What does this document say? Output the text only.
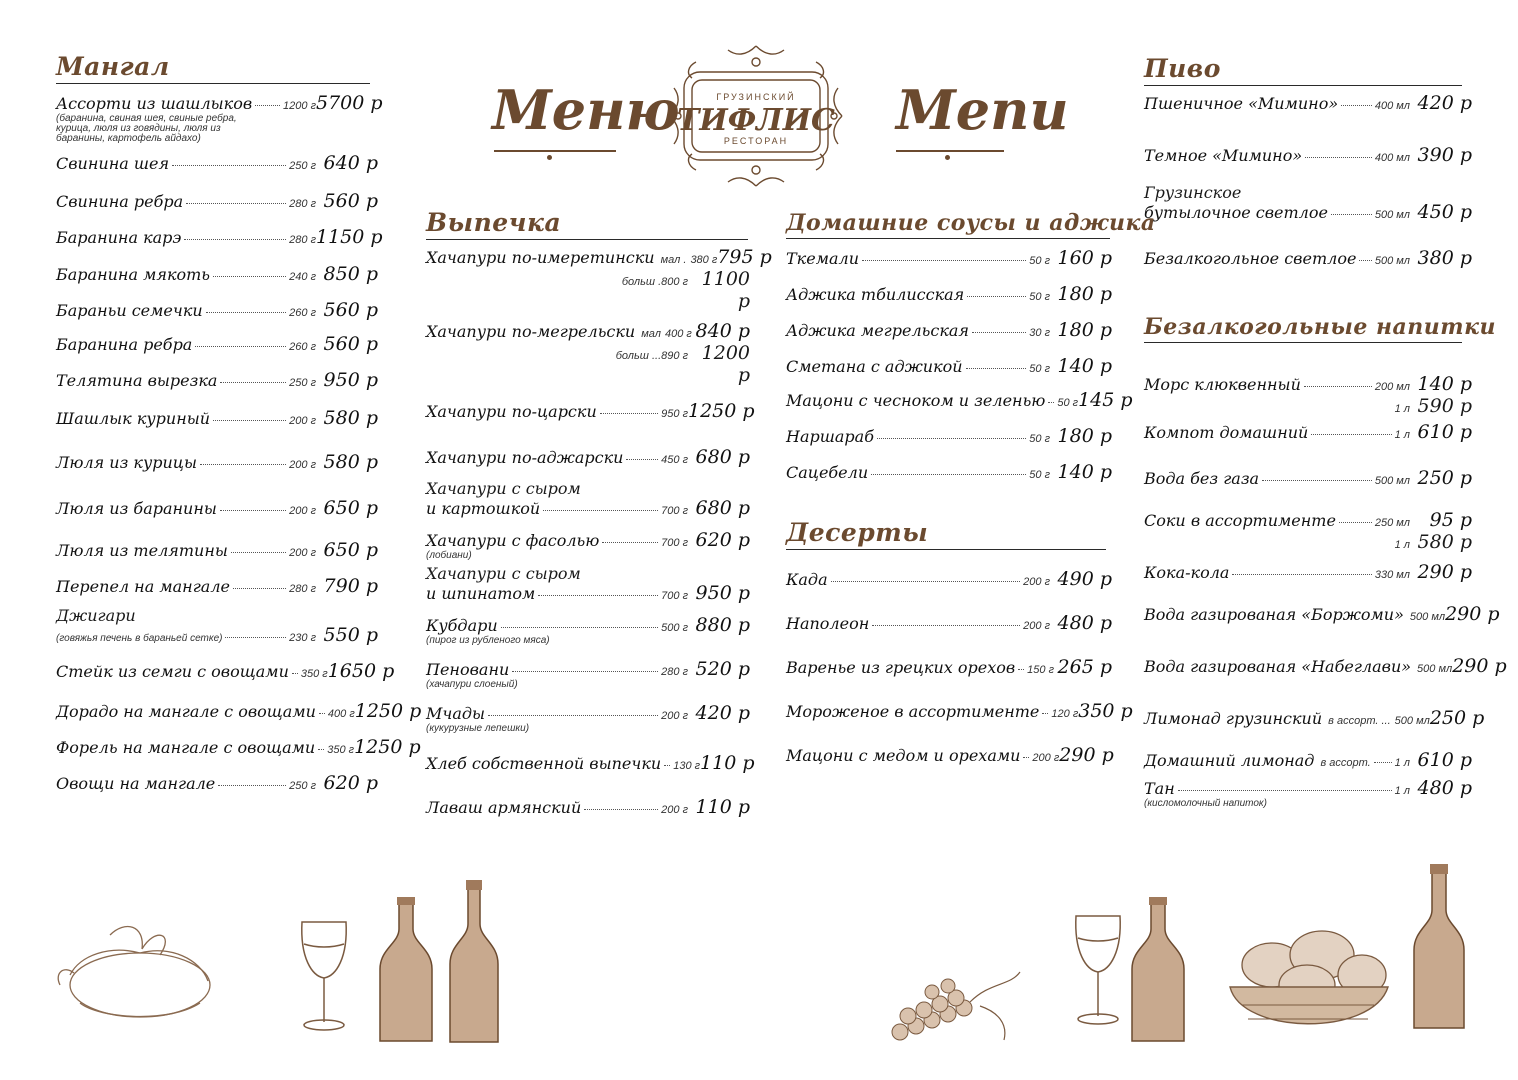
Меню	Menu
ГРУЗИНСКИЙ
ТИФЛИС
РЕСТОРАН
Мангал
Ассорти из шашлыков	1200 г 5700 р
(баранина, свиная шея, свиные ребра, курица, люля из говядины, люля из баранины, картофель айдахо)
Свинина шея	250 г 640 р
Свинина ребра	280 г 560 р
Баранина карэ	280 г 1150 р
Баранина мякоть	240 г 850 р
Бараньи семечки	260 г 560 р
Баранина ребра	260 г 560 р
Телятина вырезка	250 г 950 р
Шашлык куриный	200 г 580 р
Люля из курицы	200 г 580 р
Люля из баранины	200 г 650 р
Люля из телятины	200 г 650 р
Перепел на мангале	280 г 790 р
Джигари
(говяжья печень в бараньей сетке)	230 г 550 р
Стейк из семги с овощами 350 г 1650 р
Дорадо на мангале с овощами 400 г 1250 р
Форель на мангале с овощами 350 г 1250 р
Овощи на мангале	250 г 620 р
Выпечка
Хачапури по-имеретински мал . 380 г 795 р
больш .800 г 1100 р
Хачапури по-мегрельски мал 400 г 840 р
больш ...890 г 1200 р
Хачапури по-царски	950 г 1250 р
Хачапури по-аджарски	450 г 680 р
Хачапури с сыром
и картошкой	700 г 680 р
Хачапури с фасолью	700 г 620 р
(лобиани)
Хачапури с сыром
и шпинатом	700 г 950 р
Кубдари	500 г 880 р
(пирог из рубленого мяса)
Пеновани	280 г 520 р
(хачапури слоеный)
Мчады	200 г 420 р
(кукурузные лепешки)
Хлеб собственной выпечки 130 г 110 р
Лаваш армянский	200 г 110 р
Домашние соусы и аджика
Ткемали	50 г 160 р
Аджика тбилисская	50 г 180 р
Аджика мегрельская	30 г 180 р
Сметана с аджикой	50 г 140 р
Мацони с чесноком и зеленью 50 г 145 р
Наршараб	50 г 180 р
Сацебели	50 г 140 р
Десерты
Када	200 г 490 р
Наполеон	200 г 480 р
Варенье из грецких орехов 150 г 265 р
Мороженое в ассортименте 120 г 350 р
Мацони с медом и орехами 200 г 290 р
Пиво
Пшеничное «Мимино»	400 мл 420 р
Темное «Мимино»	400 мл 390 р
Грузинское
бутылочное светлое	500 мл 450 р
Безалкогольное светлое 500 мл 380 р
Безалкогольные напитки
Морс клюквенный	200 мл 140 р
1 л 590 р
Компот домашний	1 л 610 р
Вода без газа	500 мл 250 р
Соки в ассортименте	250 мл	95 р
1 л 580 р
Кока-кола	330 мл 290 р
Вода газированая «Боржоми» 500 мл 290 р
Вода газированая «Набеглави» 500 мл 290 р
Лимонад грузинский в ассорт. ... 500 мл 250 р
Домашний лимонад в ассорт. 1 л 610 р
Тан	1 л 480 р
(кисломолочный напиток)
